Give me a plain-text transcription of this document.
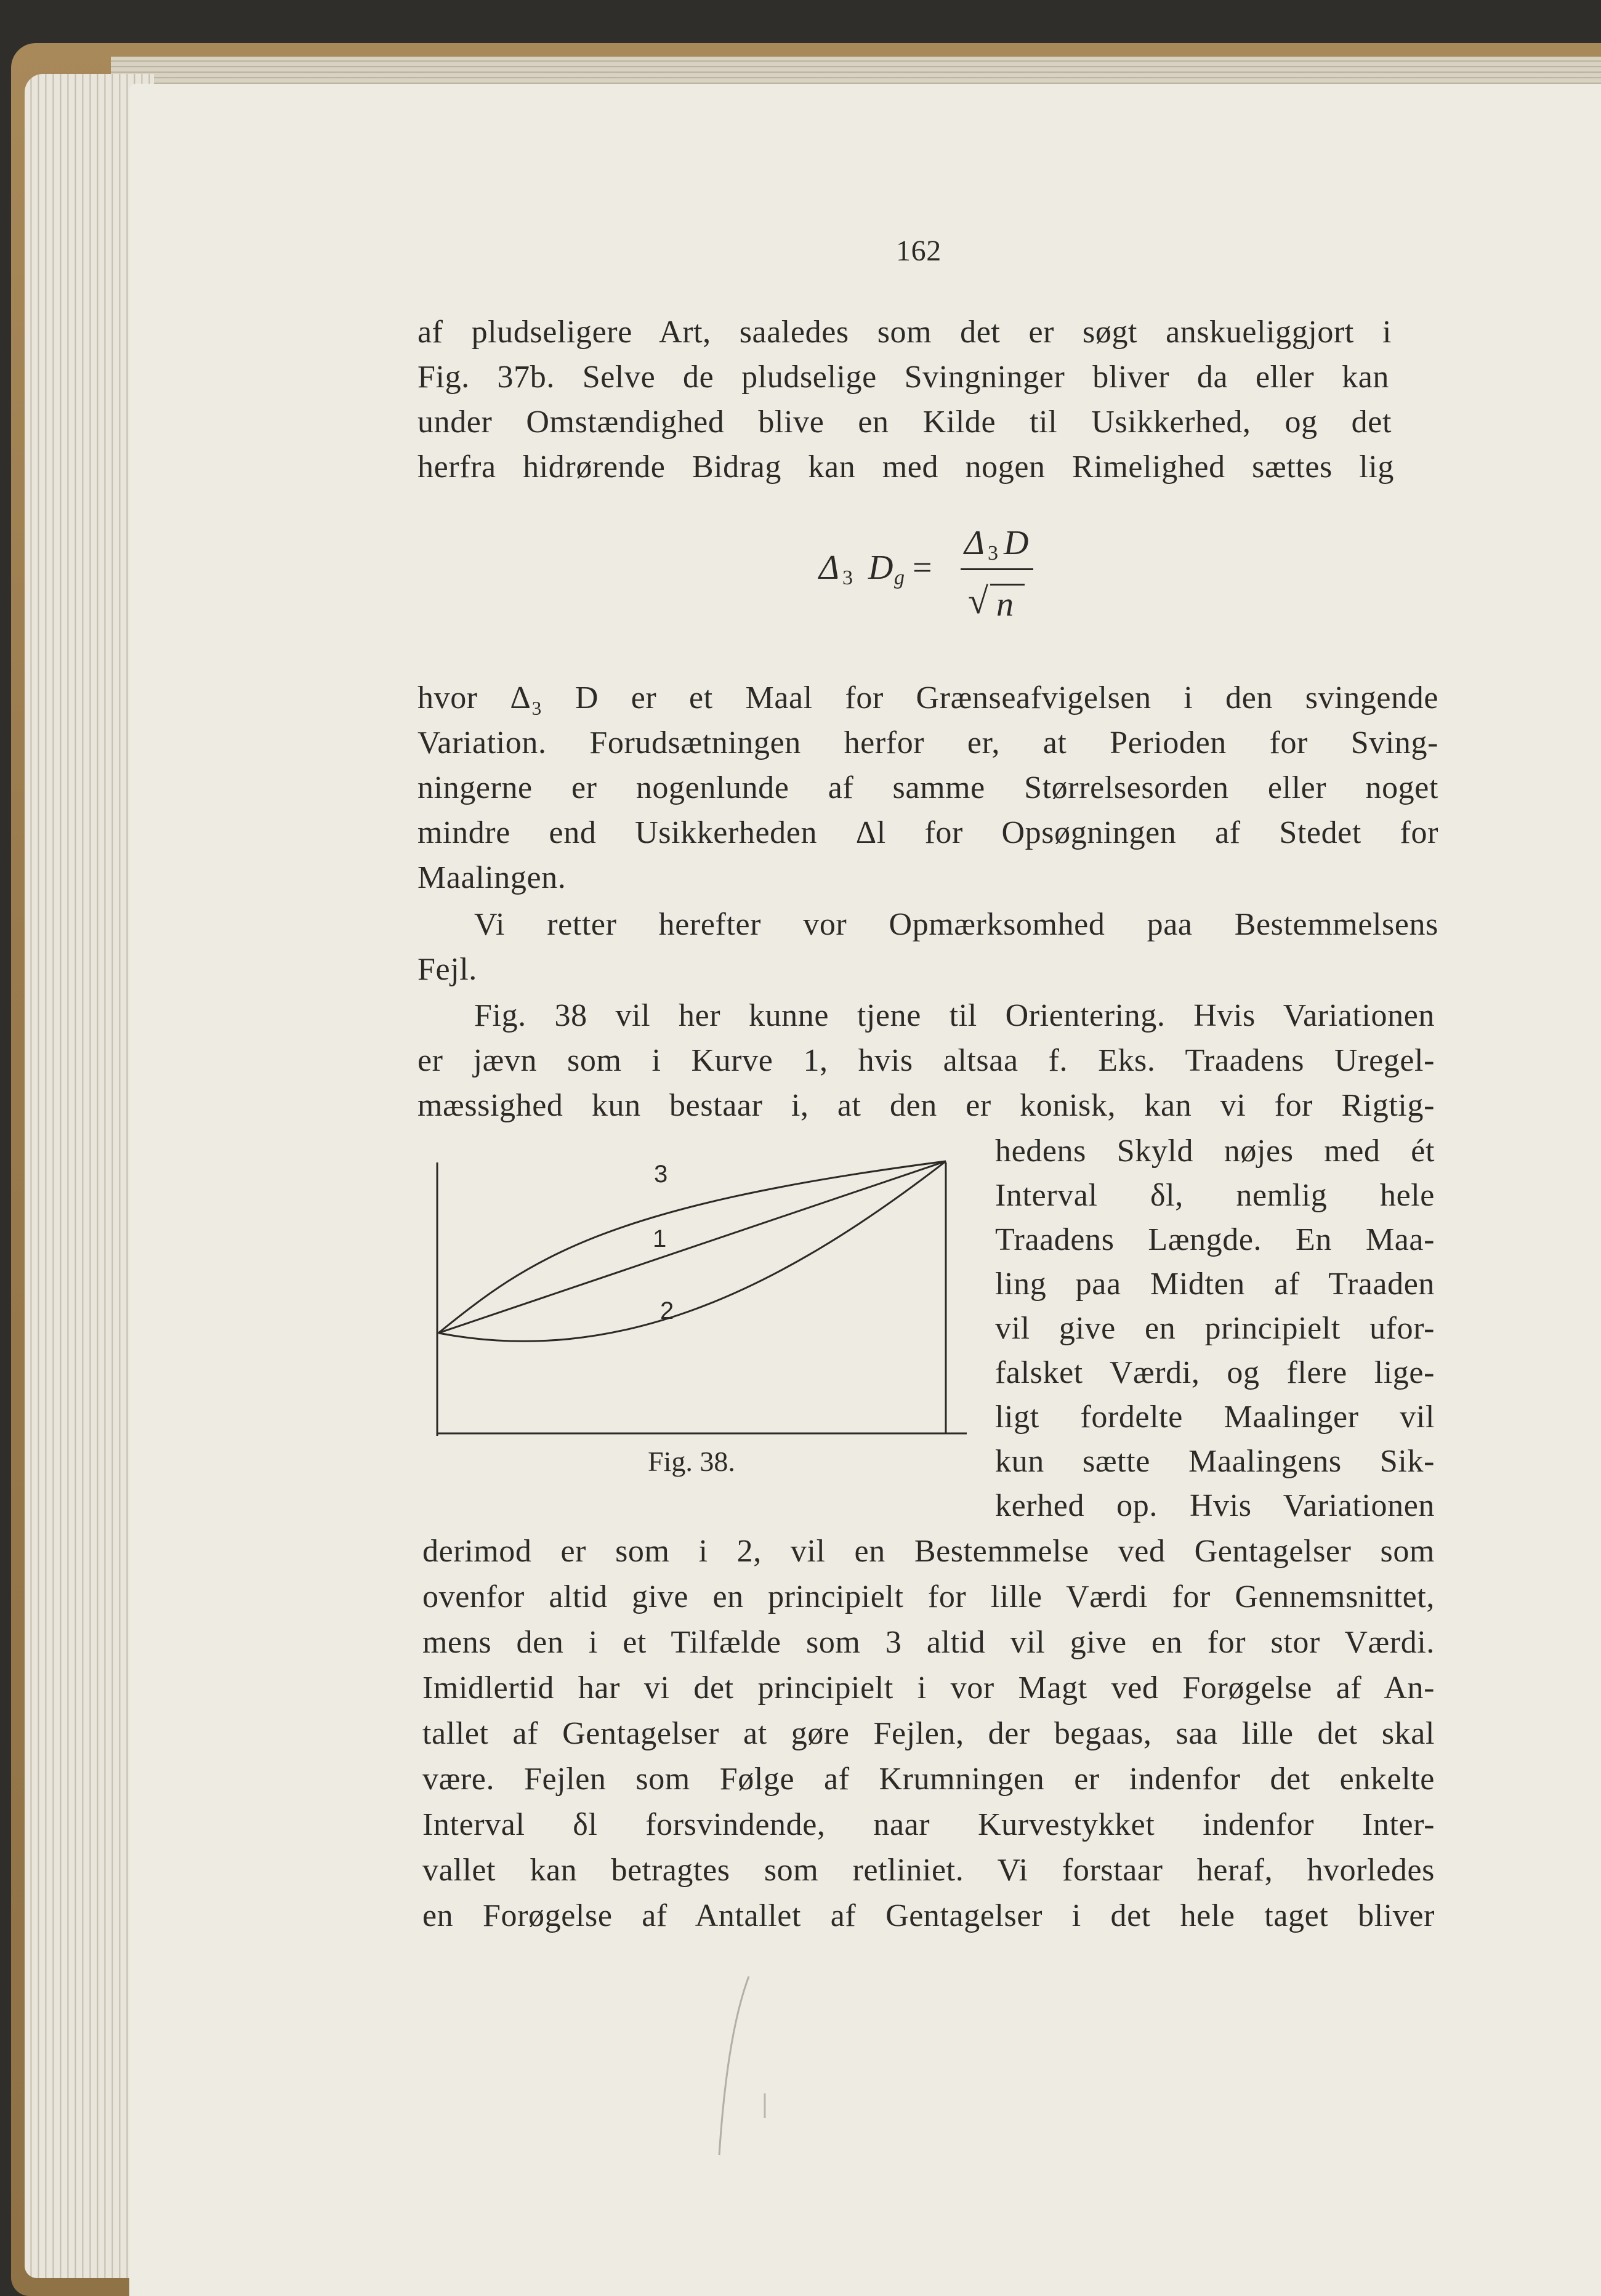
162
af pludseligere Art, saaledes som det er søgt anskueliggjort i
Fig. 37b. Selve de pludselige Svingninger bliver da eller kan
under Omstændighed blive en Kilde til Usikkerhed, og det
herfra hidrørende Bidrag kan med nogen Rimelighed sættes lig
Δ 3 D g =
Δ 3 D
√ n
hvor Δ₃ D er et Maal for Grænseafvigelsen i den svingende
Variation. Forudsætningen herfor er, at Perioden for Sving-
ningerne er nogenlunde af samme Størrelsesorden eller noget
mindre end Usikkerheden Δl for Opsøgningen af Stedet for
Maalingen.
Vi retter herefter vor Opmærksomhed paa Bestemmelsens
Fejl.
Fig. 38 vil her kunne tjene til Orientering. Hvis Variationen
er jævn som i Kurve 1, hvis altsaa f. Eks. Traadens Uregel-
mæssighed kun bestaar i, at den er konisk, kan vi for Rigtig-
3
1
2
Fig. 38.
hedens Skyld nøjes med ét
Interval δl, nemlig hele
Traadens Længde. En Maa-
ling paa Midten af Traaden
vil give en principielt ufor-
falsket Værdi, og flere lige-
ligt fordelte Maalinger vil
kun sætte Maalingens Sik-
kerhed op. Hvis Variationen
derimod er som i 2, vil en Bestemmelse ved Gentagelser som
ovenfor altid give en principielt for lille Værdi for Gennemsnittet,
mens den i et Tilfælde som 3 altid vil give en for stor Værdi.
Imidlertid har vi det principielt i vor Magt ved Forøgelse af An-
tallet af Gentagelser at gøre Fejlen, der begaas, saa lille det skal
være. Fejlen som Følge af Krumningen er indenfor det enkelte
Interval δl forsvindende, naar Kurvestykket indenfor Inter-
vallet kan betragtes som retliniet. Vi forstaar heraf, hvorledes
en Forøgelse af Antallet af Gentagelser i det hele taget bliver
